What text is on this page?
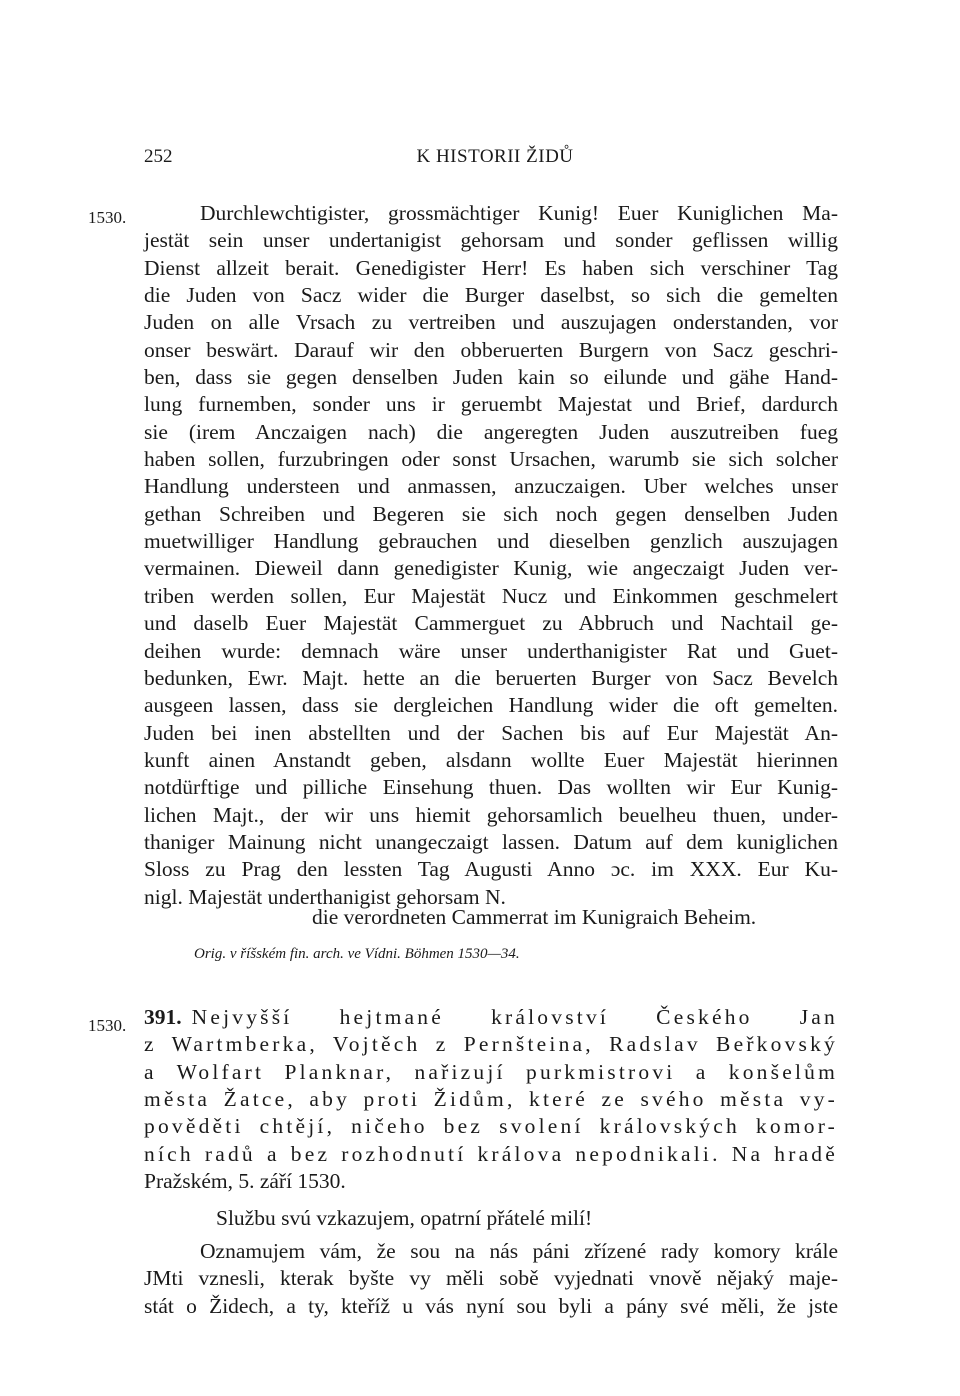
252	K HISTORII ŽIDŮ
1530.	Durchlewchtigister, grossmächtiger Kunig! Euer Kuniglichen Ma-
jestät sein unser undertanigist gehorsam und sonder geflissen willig
Dienst allzeit berait. Genedigister Herr! Es haben sich verschiner Tag
die Juden von Sacz wider die Burger daselbst, so sich die gemelten
Juden on alle Vrsach zu vertreiben und auszujagen onderstanden, vor
onser beswärt. Darauf wir den obberuerten Burgern von Sacz geschri-
ben, dass sie gegen denselben Juden kain so eilunde und gähe Hand-
lung furnemben, sonder uns ir geruembt Majestat und Brief, dardurch
sie (irem Anczaigen nach) die angeregten Juden auszutreiben fueg
haben sollen, furzubringen oder sonst Ursachen, warumb sie sich solcher
Handlung understeen und anmassen, anzuczaigen. Uber welches unser
gethan Schreiben und Begeren sie sich noch gegen denselben Juden
muetwilliger Handlung gebrauchen und dieselben genzlich auszujagen
vermainen. Dieweil dann genedigister Kunig, wie angeczaigt Juden ver-
triben werden sollen, Eur Majestät Nucz und Einkommen geschmelert
und daselb Euer Majestät Cammerguet zu Abbruch und Nachtail ge-
deihen wurde: demnach wäre unser underthanigister Rat und Guet-
bedunken, Ewr. Majt. hette an die beruerten Burger von Sacz Bevelch
ausgeen lassen, dass sie dergleichen Handlung wider die oft gemelten.
Juden bei inen abstellten und der Sachen bis auf Eur Majestät An-
kunft ainen Anstandt geben, alsdann wollte Euer Majestät hierinnen
notdürftige und pilliche Einsehung thuen. Das wollten wir Eur Kunig-
lichen Majt., der wir uns hiemit gehorsamlich beuelheu thuen, under-
thaniger Mainung nicht unangeczaigt lassen. Datum auf dem kuniglichen
Sloss zu Prag den lessten Tag Augusti Anno ɔc. im XXX. Eur Ku-
nigl. Majestät underthanigist gehorsam N.
die verordneten Cammerrat im Kunigraich Beheim.
Orig. v říšském fin. arch. ve Vídni. Böhmen 1530—34.
1530. 391. Nejvyšší hejtmané království Českého Jan
z Wartmberka, Vojtěch z Pernšteina, Radslav Beřkovský
a Wolfart Planknar, nařizují purkmistrovi a konšelům
města Žatce, aby proti Židům, které ze svého města vy-
pověděti chtějí, ničeho bez svolení královských komor-
ních radů a bez rozhodnutí králova nepodnikali. Na hradě
Pražském, 5. září 1530.
Službu svú vzkazujem, opatrní přátelé milí!
Oznamujem vám, že sou na nás páni zřízené rady komory krále
JMti vznesli, kterak byšte vy měli sobě vyjednati vnově nějaký maje-
stát o Židech, a ty, kteříž u vás nyní sou byli a pány své měli, že jste
